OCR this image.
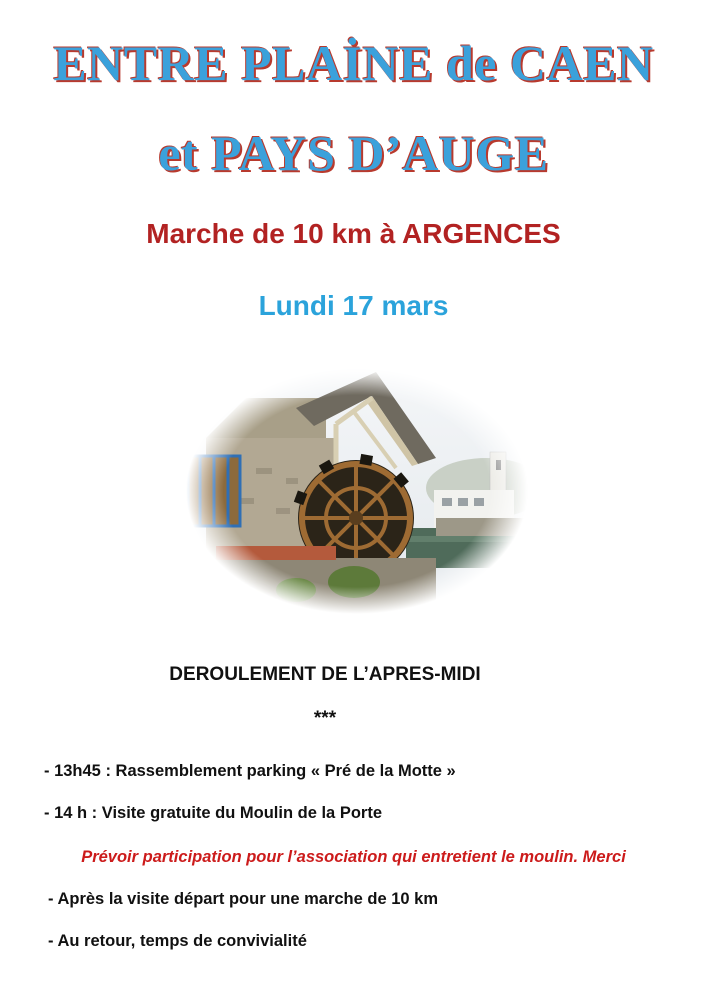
ENTRE PLAİNE de CAEN
et PAYS D’AUGE

Marche de 10 km à ARGENCES

Lundi 17 mars

DEROULEMENT DE L’APRES-MIDI

***
- 13h45 : Rassemblement parking « Pré de la Motte »
- 14 h : Visite gratuite du Moulin de la Porte
Prévoir participation pour l’association qui entretient le moulin. Merci
- Après la visite départ pour une marche de 10 km
- Au retour, temps de convivialité
